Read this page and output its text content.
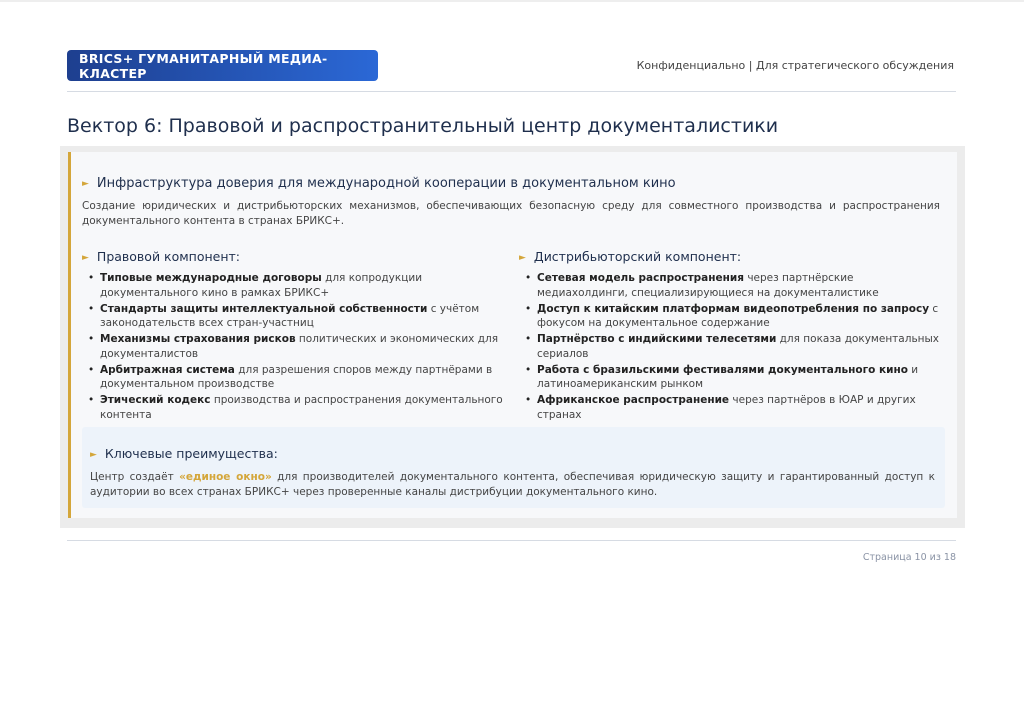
BRICS+ ГУМАНИТАРНЫЙ МЕДИА-КЛАСТЕР	Конфиденциально | Для стратегического обсуждения
Вектор 6: Правовой и распространительный центр документалистики
► Инфраструктура доверия для международной кооперации в документальном кино
Создание юридических и дистрибьюторских механизмов, обеспечивающих безопасную среду для совместного производства и распространения документального контента в странах БРИКС+.
► Правовой компонент:
• Типовые международные договоры для копродукции документального кино в рамках БРИКС+
• Стандарты защиты интеллектуальной собственности с учётом законодательств всех стран-участниц
• Механизмы страхования рисков политических и экономических для документалистов
• Арбитражная система для разрешения споров между партнёрами в документальном производстве
• Этический кодекс производства и распространения документального контента
► Дистрибьюторский компонент:
• Сетевая модель распространения через партнёрские медиахолдинги, специализирующиеся на документалистике
• Доступ к китайским платформам видеопотребления по запросу с фокусом на документальное содержание
• Партнёрство с индийскими телесетями для показа документальных сериалов
• Работа с бразильскими фестивалями документального кино и латиноамериканским рынком
• Африканское распространение через партнёров в ЮАР и других странах
► Ключевые преимущества:
Центр создаёт «единое окно» для производителей документального контента, обеспечивая юридическую защиту и гарантированный доступ к аудитории во всех странах БРИКС+ через проверенные каналы дистрибуции документального кино.
Страница 10 из 18
